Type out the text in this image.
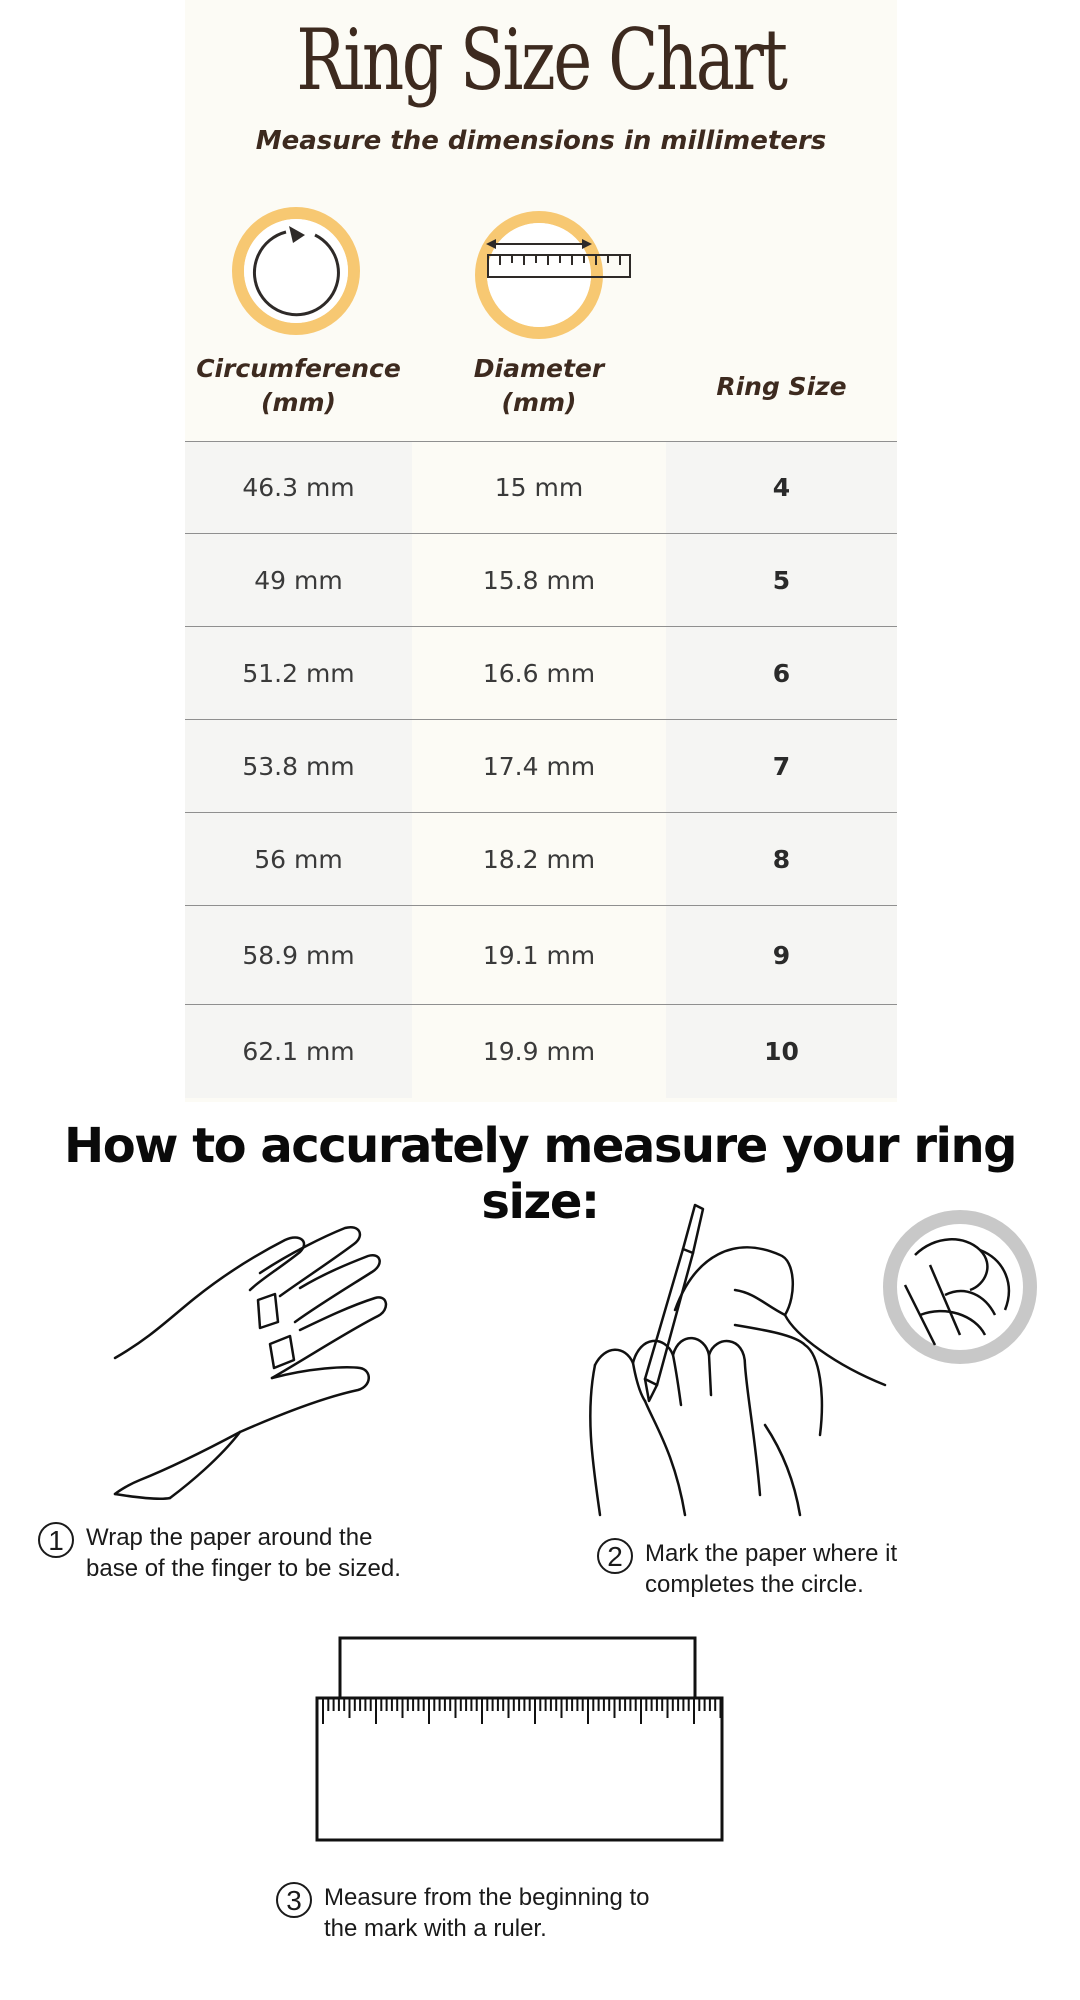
Ring Size Chart
Measure the dimensions in millimeters
Circumference
(mm)
Diameter
(mm)
Ring Size
46.3 mm	15 mm	4
49 mm	15.8 mm	5
51.2 mm	16.6 mm	6
53.8 mm	17.4 mm	7
56 mm	18.2 mm	8
58.9 mm	19.1 mm	9
62.1 mm	19.9 mm	10
How to accurately measure your ring size:
1 Wrap the paper around the
base of the finger to be sized.	2 Mark the paper where it
completes the circle.
3 Measure from the beginning to
the mark with a ruler.
